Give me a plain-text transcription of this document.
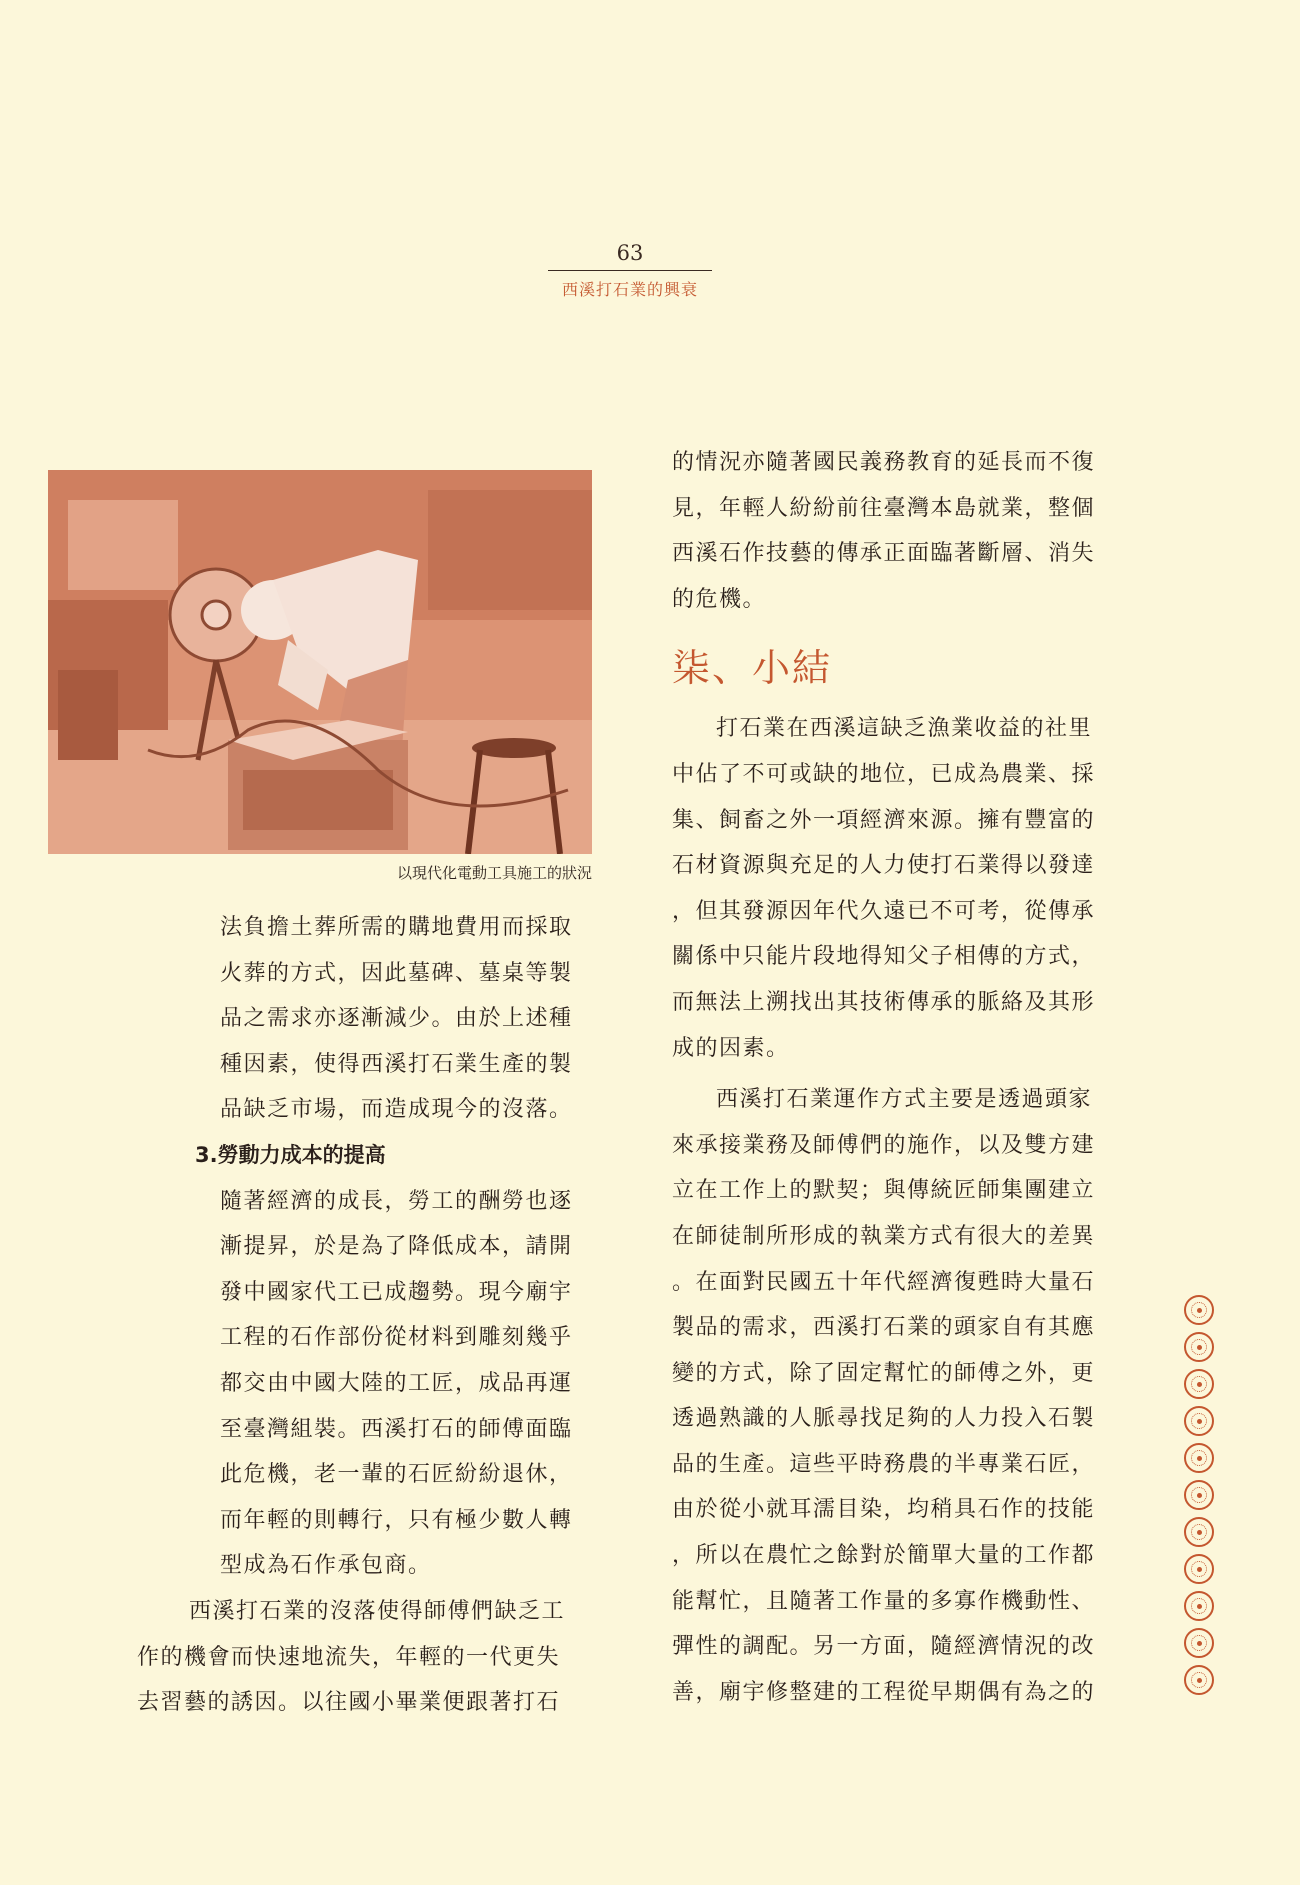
63
西溪打石業的興衰
以現代化電動工具施工的狀況
法負擔土葬所需的購地費用而採取
火葬的方式，因此墓碑、墓桌等製
品之需求亦逐漸減少。由於上述種
種因素，使得西溪打石業生產的製
品缺乏市場，而造成現今的沒落。
3.勞動力成本的提高
隨著經濟的成長，勞工的酬勞也逐
漸提昇，於是為了降低成本，請開
發中國家代工已成趨勢。現今廟宇
工程的石作部份從材料到雕刻幾乎
都交由中國大陸的工匠，成品再運
至臺灣組裝。西溪打石的師傅面臨
此危機，老一輩的石匠紛紛退休，
而年輕的則轉行，只有極少數人轉
型成為石作承包商。
西溪打石業的沒落使得師傅們缺乏工
作的機會而快速地流失，年輕的一代更失
去習藝的誘因。以往國小畢業便跟著打石
的情況亦隨著國民義務教育的延長而不復
見，年輕人紛紛前往臺灣本島就業，整個
西溪石作技藝的傳承正面臨著斷層、消失
的危機。
柒、小結
打石業在西溪這缺乏漁業收益的社里
中佔了不可或缺的地位，已成為農業、採
集、飼畜之外一項經濟來源。擁有豐富的
石材資源與充足的人力使打石業得以發達
，但其發源因年代久遠已不可考，從傳承
關係中只能片段地得知父子相傳的方式，
而無法上溯找出其技術傳承的脈絡及其形
成的因素。
西溪打石業運作方式主要是透過頭家
來承接業務及師傅們的施作，以及雙方建
立在工作上的默契；與傳統匠師集團建立
在師徒制所形成的執業方式有很大的差異
。在面對民國五十年代經濟復甦時大量石
製品的需求，西溪打石業的頭家自有其應
變的方式，除了固定幫忙的師傅之外，更
透過熟識的人脈尋找足夠的人力投入石製
品的生產。這些平時務農的半專業石匠，
由於從小就耳濡目染，均稍具石作的技能
，所以在農忙之餘對於簡單大量的工作都
能幫忙，且隨著工作量的多寡作機動性、
彈性的調配。另一方面，隨經濟情況的改
善，廟宇修整建的工程從早期偶有為之的
